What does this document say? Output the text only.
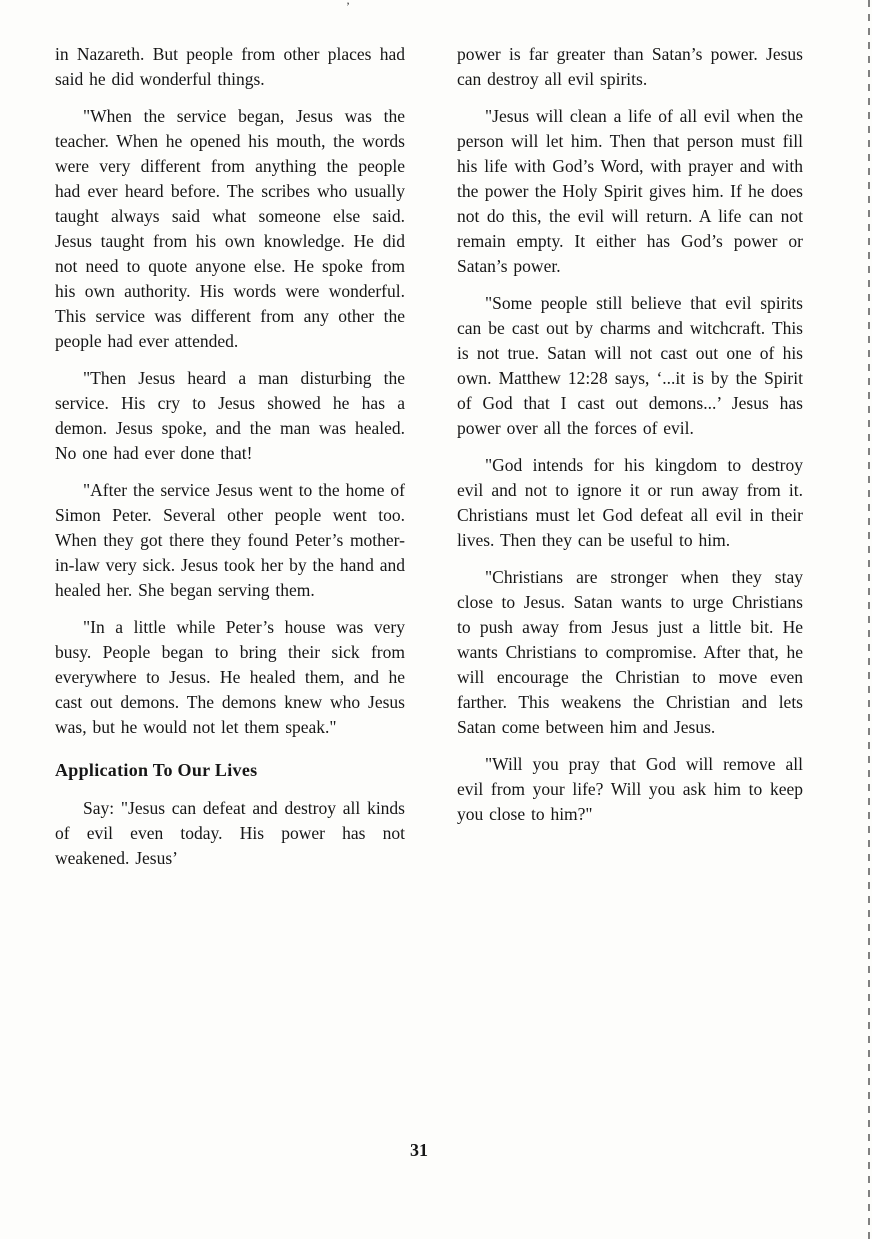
’

in Nazareth. But people from other places had said he did wonderful things.

"When the service began, Jesus was the teacher. When he opened his mouth, the words were very different from anything the people had ever heard before. The scribes who usually taught always said what someone else said. Jesus taught from his own knowledge. He did not need to quote anyone else. He spoke from his own authority. His words were wonderful. This service was different from any other the people had ever attended.

"Then Jesus heard a man disturbing the service. His cry to Jesus showed he has a demon. Jesus spoke, and the man was healed. No one had ever done that!

"After the service Jesus went to the home of Simon Peter. Several other people went too. When they got there they found Peter’s mother-in-law very sick. Jesus took her by the hand and healed her. She began serving them.

"In a little while Peter’s house was very busy. People began to bring their sick from everywhere to Jesus. He healed them, and he cast out demons. The demons knew who Jesus was, but he would not let them speak."

Application To Our Lives

Say: "Jesus can defeat and destroy all kinds of evil even today. His power has not weakened. Jesus’

power is far greater than Satan’s power. Jesus can destroy all evil spirits.

"Jesus will clean a life of all evil when the person will let him. Then that person must fill his life with God’s Word, with prayer and with the power the Holy Spirit gives him. If he does not do this, the evil will return. A life can not remain empty. It either has God’s power or Satan’s power.

"Some people still believe that evil spirits can be cast out by charms and witchcraft. This is not true. Satan will not cast out one of his own. Matthew 12:28 says, ‘...it is by the Spirit of God that I cast out demons...’ Jesus has power over all the forces of evil.

"God intends for his kingdom to destroy evil and not to ignore it or run away from it. Christians must let God defeat all evil in their lives. Then they can be useful to him.

"Christians are stronger when they stay close to Jesus. Satan wants to urge Christians to push away from Jesus just a little bit. He wants Christians to compromise. After that, he will encourage the Christian to move even farther. This weakens the Christian and lets Satan come between him and Jesus.

"Will you pray that God will remove all evil from your life? Will you ask him to keep you close to him?"

31
